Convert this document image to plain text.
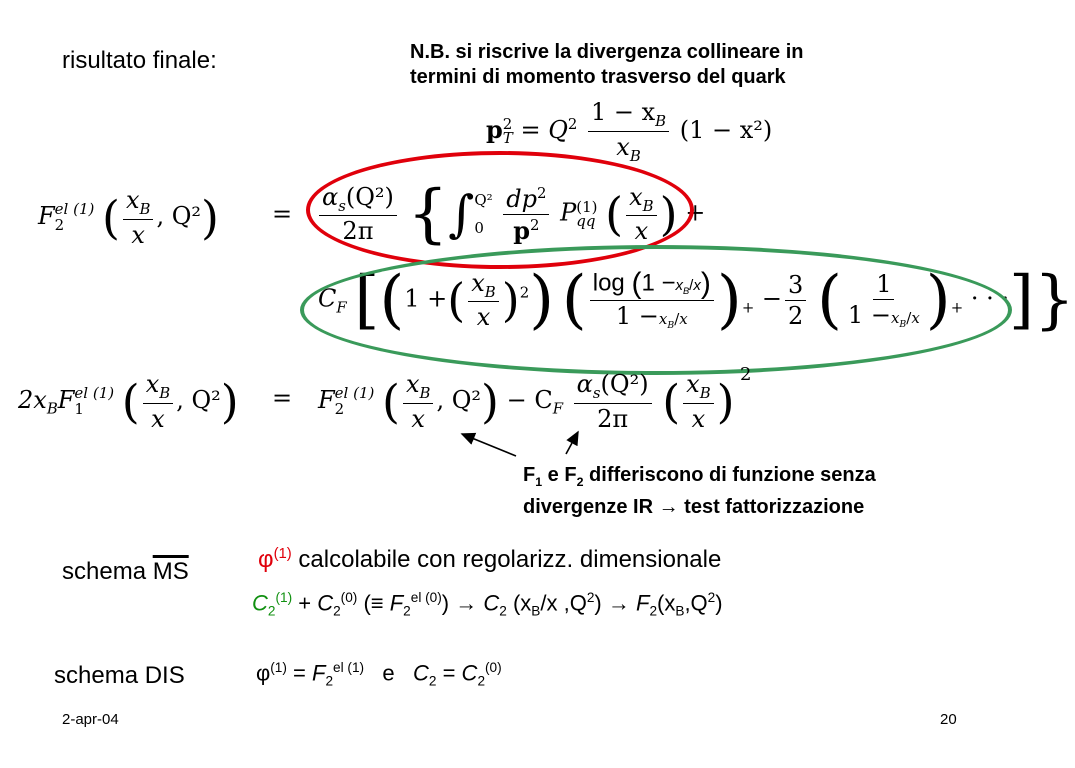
risultato finale:	N.B. si riscrive la divergenza collineare in
termini di momento trasverso del quark
p 2
$T = Q^2 \frac{1 - x_B}{x_B} (1 - x^2)$
F el (1)
2 ( $\frac{x_B}{x}$ , $Q^2) = \frac{\alpha_s(Q^2)}{2\pi}$ {∫ Q²
0
$\frac{dp^2}{p^2}$ P (1)
qq ( $\frac{x_B}{x}$ ) +
$C_F$ [(1 +( $\frac{x_B}{x} )^2$) ( $\frac{\log (1 -x_B/x)}{1 -x_B/x} )_+ - \frac{3}{2}$ ( $\frac{1}{1 -x_B/x} )_+$ · · ·]}
$2x_BF$ el (1)
1 ( $\frac{x_B}{x}$ , Q²) = F el (1)
2 ( $\frac{x_B}{x}$ , $Q^2) - C_F \frac{\alpha_s(Q^2)}{2\pi}$ ( $\frac{x_B}{x}$ ) 2
$F_1$ e $F_2$ differiscono di funzione senza
divergenze IR → test fattorizzazione
schema $\overline{MS}$	$\varphi^{(1)}$ calcolabile con regolarizz. dimensionale
$C_2^{(1)} + C_2^{(0)}$ (≡ $F_2^{el (0)}) \to C_2$ ($x_B/x$ $,Q^2) \to F_2(x_B,Q^2)$
schema DIS	$\varphi^{(1)} = F_2^{el (1)}$   e   $C_2 = C_2^{(0)}$
2-apr-04	20
